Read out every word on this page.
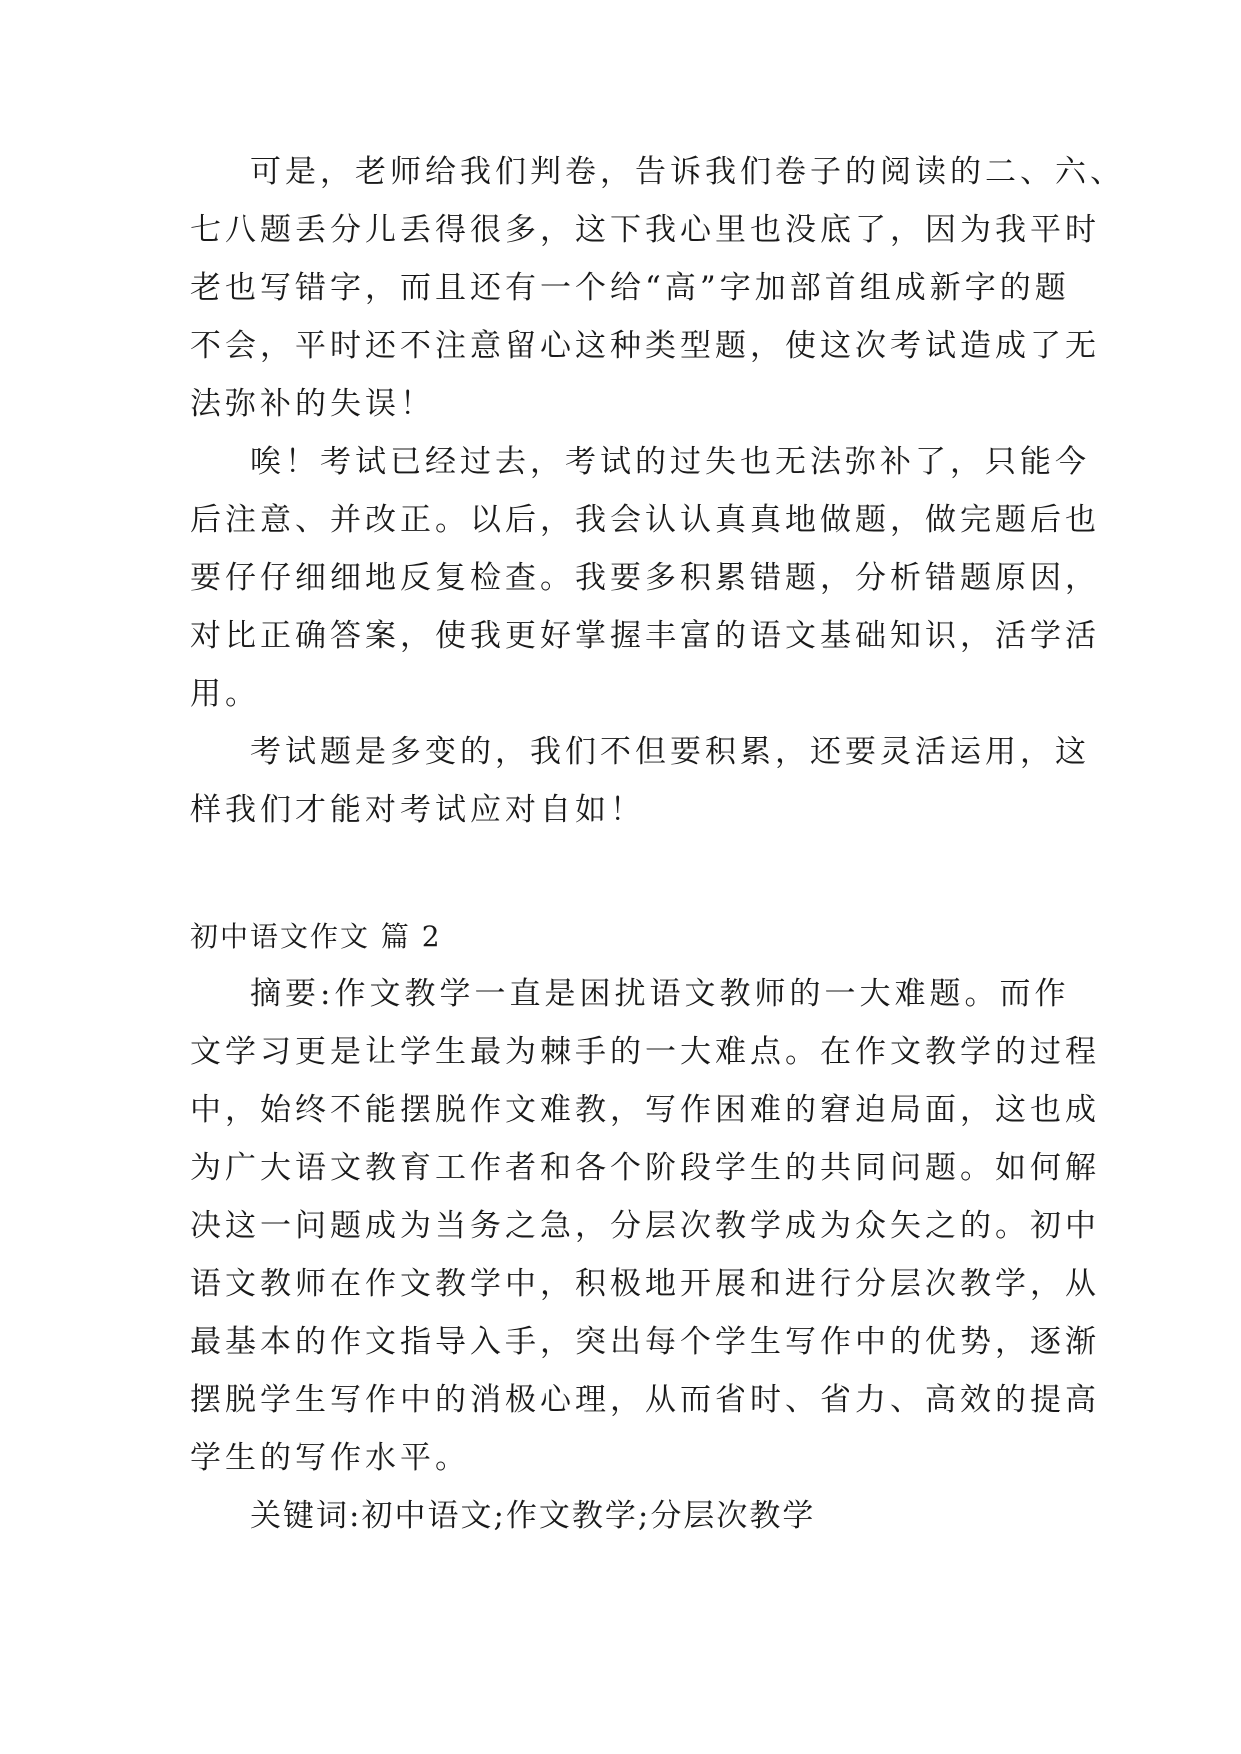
可是，老师给我们判卷，告诉我们卷子的阅读的二、六、
七八题丢分儿丢得很多，这下我心里也没底了，因为我平时
老也写错字，而且还有一个给“高”字加部首组成新字的题
不会，平时还不注意留心这种类型题，使这次考试造成了无
法弥补的失误！
唉！考试已经过去，考试的过失也无法弥补了，只能今
后注意、并改正。以后，我会认认真真地做题，做完题后也
要仔仔细细地反复检查。我要多积累错题，分析错题原因，
对比正确答案，使我更好掌握丰富的语文基础知识，活学活
用。
考试题是多变的，我们不但要积累，还要灵活运用，这
样我们才能对考试应对自如！
初中语文作文 篇 2
摘要:作文教学一直是困扰语文教师的一大难题。而作
文学习更是让学生最为棘手的一大难点。在作文教学的过程
中，始终不能摆脱作文难教，写作困难的窘迫局面，这也成
为广大语文教育工作者和各个阶段学生的共同问题。如何解
决这一问题成为当务之急，分层次教学成为众矢之的。初中
语文教师在作文教学中，积极地开展和进行分层次教学，从
最基本的作文指导入手，突出每个学生写作中的优势，逐渐
摆脱学生写作中的消极心理，从而省时、省力、高效的提高
学生的写作水平。
关键词:初中语文;作文教学;分层次教学
